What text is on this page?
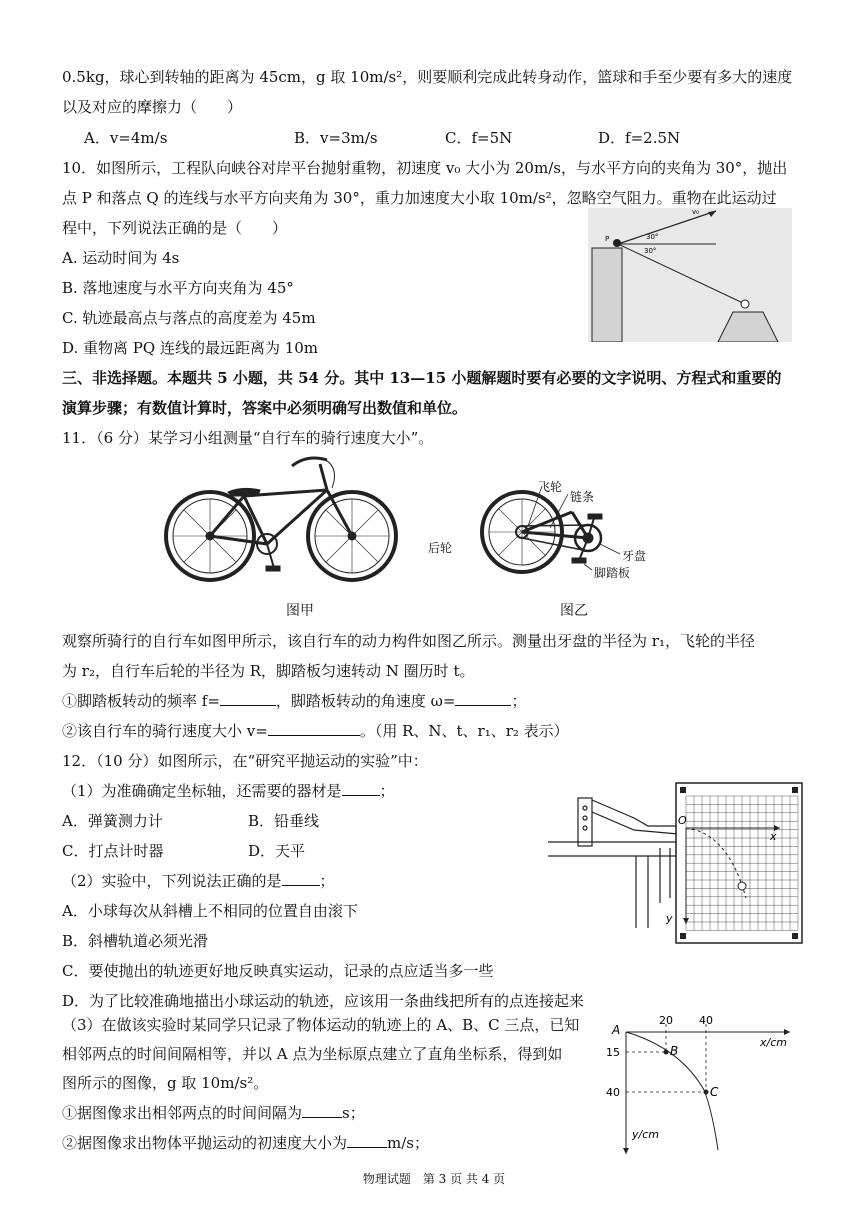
0.5kg，球心到转轴的距离为 45cm，g 取 10m/s²，则要顺利完成此转身动作，篮球和手至少要有多大的速度
以及对应的摩擦力（　　）
A．v=4m/s	B．v=3m/s	C．f=5N	D．f=2.5N
10．如图所示，工程队向峡谷对岸平台抛射重物，初速度 v₀ 大小为 20m/s，与水平方向的夹角为 30°，抛出
点 P 和落点 Q 的连线与水平方向夹角为 30°，重力加速度大小取 10m/s²，忽略空气阻力。重物在此运动过
程中，下列说法正确的是（　　）
A. 运动时间为 4s
B. 落地速度与水平方向夹角为 45°
C. 轨迹最高点与落点的高度差为 45m
D. 重物离 PQ 连线的最远距离为 10m
P
v₀
30°
30°
三、非选择题。本题共 5 小题，共 54 分。其中 13—15 小题解题时要有必要的文字说明、方程式和重要的
演算步骤；有数值计算时，答案中必须明确写出数值和单位。
11．（6 分）某学习小组测量“自行车的骑行速度大小”。
飞轮
链条
后轮
牙盘
脚踏板
图甲	图乙
观察所骑行的自行车如图甲所示，该自行车的动力构件如图乙所示。测量出牙盘的半径为 r₁，飞轮的半径
为 r₂，自行车后轮的半径为 R，脚踏板匀速转动 N 圈历时 t。
①脚踏板转动的频率 f=	，脚踏板转动的角速度 ω=	；
②该自行车的骑行速度大小 v=	。（用 R、N、t、r₁、r₂ 表示）
12．（10 分）如图所示，在“研究平抛运动的实验”中：
（1）为准确确定坐标轴，还需要的器材是	；
A．弹簧测力计	B．铅垂线
C．打点计时器	D．天平
（2）实验中，下列说法正确的是	；
A．小球每次从斜槽上不相同的位置自由滚下
B．斜槽轨道必须光滑
C．要使抛出的轨迹更好地反映真实运动，记录的点应适当多一些
D．为了比较准确地描出小球运动的轨迹，应该用一条曲线把所有的点连接起来
O
x
y
（3）在做该实验时某同学只记录了物体运动的轨迹上的 A、B、C 三点，已知
相邻两点的时间间隔相等，并以 A 点为坐标原点建立了直角坐标系，得到如
图所示的图像，g 取 10m/s²。
①据图像求出相邻两点的时间间隔为	s；
②据图像求出物体平抛运动的初速度大小为	m/s；
A
B
C
20 40
15
40
x/cm
y/cm
物理试题　第 3 页 共 4 页
